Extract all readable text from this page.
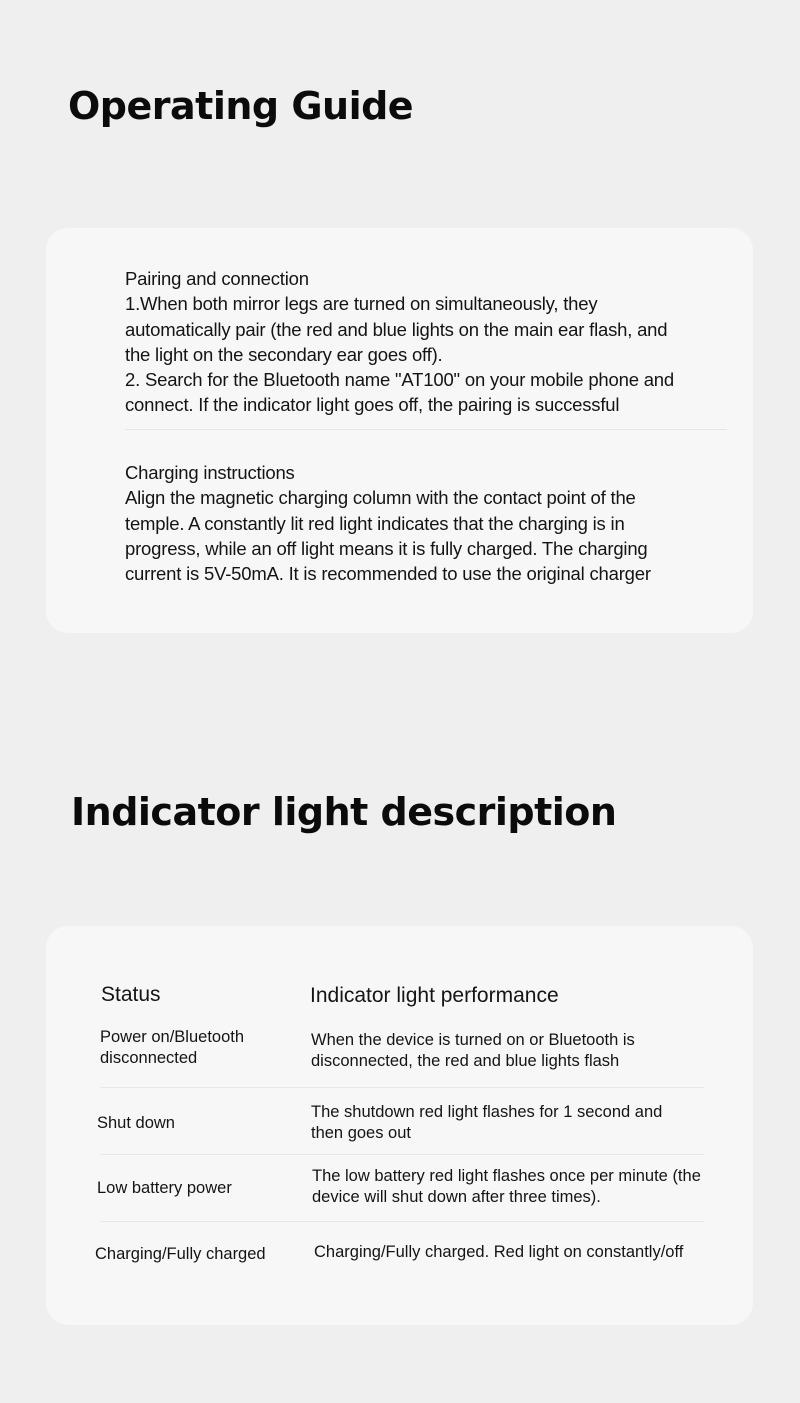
Operating Guide
Pairing and connection
1.When both mirror legs are turned on simultaneously, they
automatically pair (the red and blue lights on the main ear flash, and
the light on the secondary ear goes off).
2. Search for the Bluetooth name "AT100" on your mobile phone and
connect. If the indicator light goes off, the pairing is successful
Charging instructions
Align the magnetic charging column with the contact point of the
temple. A constantly lit red light indicates that the charging is in
progress, while an off light means it is fully charged. The charging
current is 5V-50mA. It is recommended to use the original charger
Indicator light description
Status	Indicator light performance
Power on/Bluetooth
disconnected
When the device is turned on or Bluetooth is
disconnected, the red and blue lights flash
Shut down
The shutdown red light flashes for 1 second and
then goes out
Low battery power
The low battery red light flashes once per minute (the
device will shut down after three times).
Charging/Fully charged	Charging/Fully charged. Red light on constantly/off
